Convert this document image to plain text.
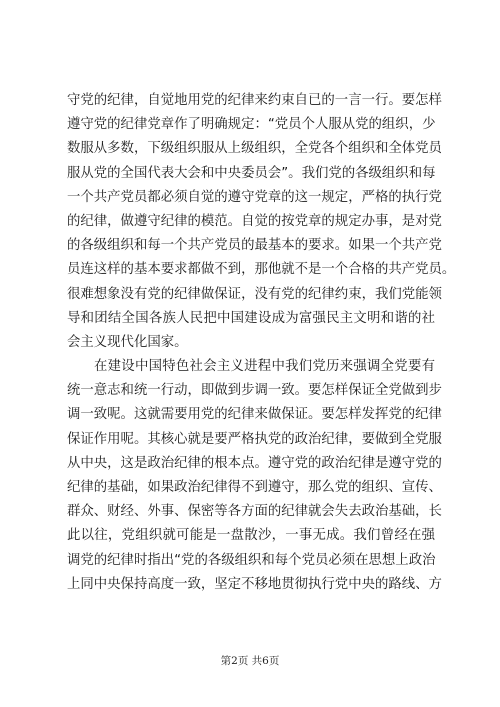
守党的纪律，自觉地用党的纪律来约束自已的一言一行。要怎样
遵守党的纪律党章作了明确规定：“党员个人服从党的组织，少
数服从多数，下级组织服从上级组织，全党各个组织和全体党员
服从党的全国代表大会和中央委员会”。我们党的各级组织和每
一个共产党员都必须自觉的遵守党章的这一规定，严格的执行党
的纪律，做遵守纪律的模范。自觉的按党章的规定办事，是对党
的各级组织和每一个共产党员的最基本的要求。如果一个共产党
员连这样的基本要求都做不到，那他就不是一个合格的共产党员。
很难想象没有党的纪律做保证，没有党的纪律约束，我们党能领
导和团结全国各族人民把中国建设成为富强民主文明和谐的社
会主义现代化国家。
在建设中国特色社会主义进程中我们党历来强调全党要有
统一意志和统一行动，即做到步调一致。要怎样保证全党做到步
调一致呢。这就需要用党的纪律来做保证。要怎样发挥党的纪律
保证作用呢。其核心就是要严格执党的政治纪律，要做到全党服
从中央，这是政治纪律的根本点。遵守党的政治纪律是遵守党的
纪律的基础，如果政治纪律得不到遵守，那么党的组织、宣传、
群众、财经、外事、保密等各方面的纪律就会失去政治基础，长
此以往，党组织就可能是一盘散沙，一事无成。我们曾经在强
调党的纪律时指出“党的各级组织和每个党员必须在思想上政治
上同中央保持高度一致，坚定不移地贯彻执行党中央的路线、方
第2页 共6页
